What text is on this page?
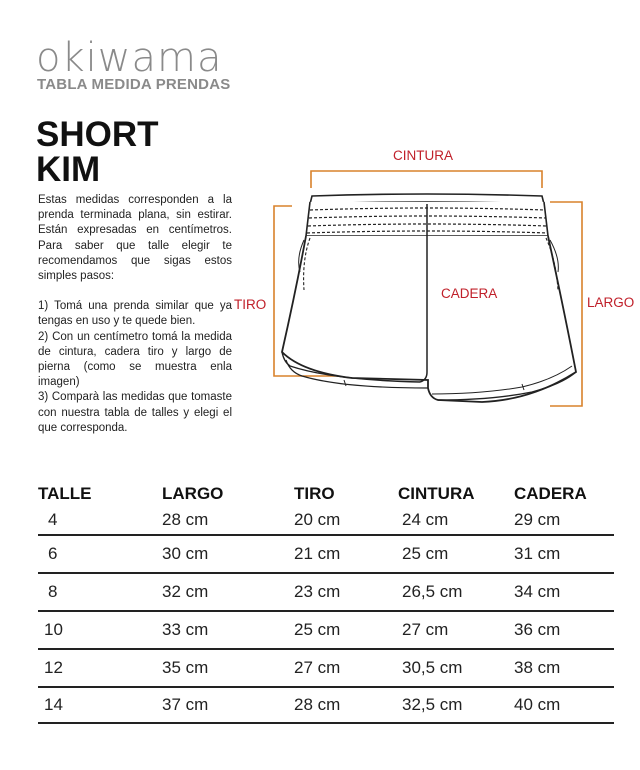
okiwama
TABLA MEDIDA PRENDAS
SHORT
KIM

Estas medidas corresponden a la prenda terminada plana, sin estirar. Están expresadas en centímetros. Para saber que talle elegir te recomendamos que sigas estos simples pasos:

1) Tomá una prenda similar que ya tengas en uso y te quede bien.

2) Con un centímetro tomá la medida de cintura, cadera tiro y largo de pierna (como se muestra enla imagen)

3) Comparà las medidas que tomaste con nuestra tabla de talles y elegi el que corresponda.

CINTURA
CADERA
TIRO	LARGO
TALLE	LARGO	TIRO	CINTURA	CADERA
4	28 cm	20 cm	24 cm	29 cm
6	30 cm	21 cm	25 cm	31 cm
8	32 cm	23 cm	26,5 cm	34 cm
10	33 cm	25 cm	27 cm	36 cm
12	35 cm	27 cm	30,5 cm	38 cm
14	37 cm	28 cm	32,5 cm	40 cm
